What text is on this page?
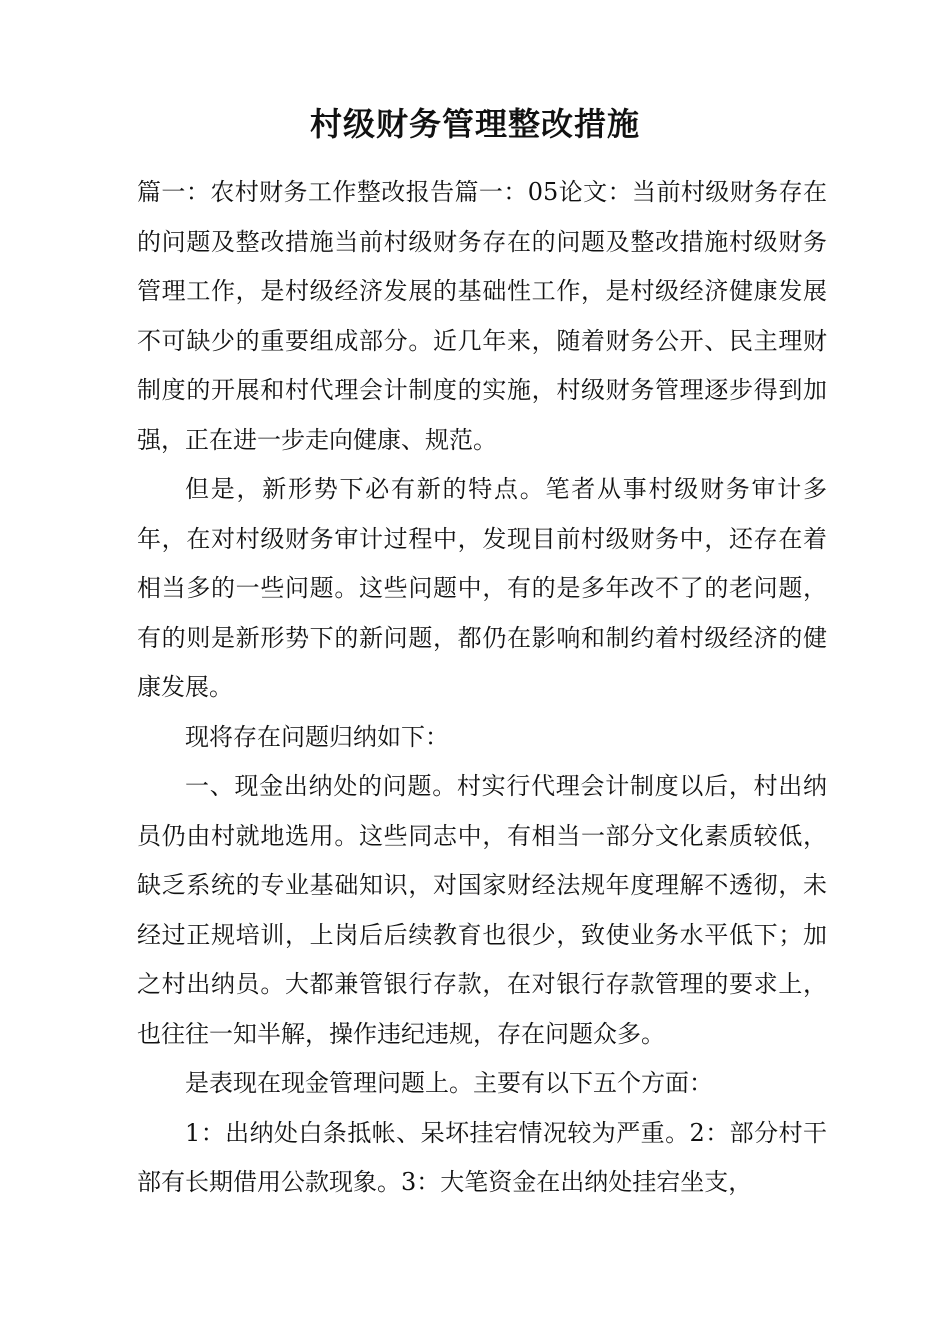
村级财务管理整改措施

篇一：农村财务工作整改报告篇一：05论文：当前村级财务存在的问题及整改措施当前村级财务存在的问题及整改措施村级财务管理工作，是村级经济发展的基础性工作，是村级经济健康发展不可缺少的重要组成部分。近几年来，随着财务公开、民主理财制度的开展和村代理会计制度的实施，村级财务管理逐步得到加强，正在进一步走向健康、规范。

但是，新形势下必有新的特点。笔者从事村级财务审计多年，在对村级财务审计过程中，发现目前村级财务中，还存在着相当多的一些问题。这些问题中，有的是多年改不了的老问题，有的则是新形势下的新问题，都仍在影响和制约着村级经济的健康发展。

现将存在问题归纳如下：

一、现金出纳处的问题。村实行代理会计制度以后，村出纳员仍由村就地选用。这些同志中，有相当一部分文化素质较低，缺乏系统的专业基础知识，对国家财经法规年度理解不透彻，未经过正规培训，上岗后后续教育也很少，致使业务水平低下；加之村出纳员。大都兼管银行存款，在对银行存款管理的要求上，也往往一知半解，操作违纪违规，存在问题众多。

是表现在现金管理问题上。主要有以下五个方面：

1：出纳处白条抵帐、呆坏挂宕情况较为严重。2：部分村干部有长期借用公款现象。3：大笔资金在出纳处挂宕坐支，
